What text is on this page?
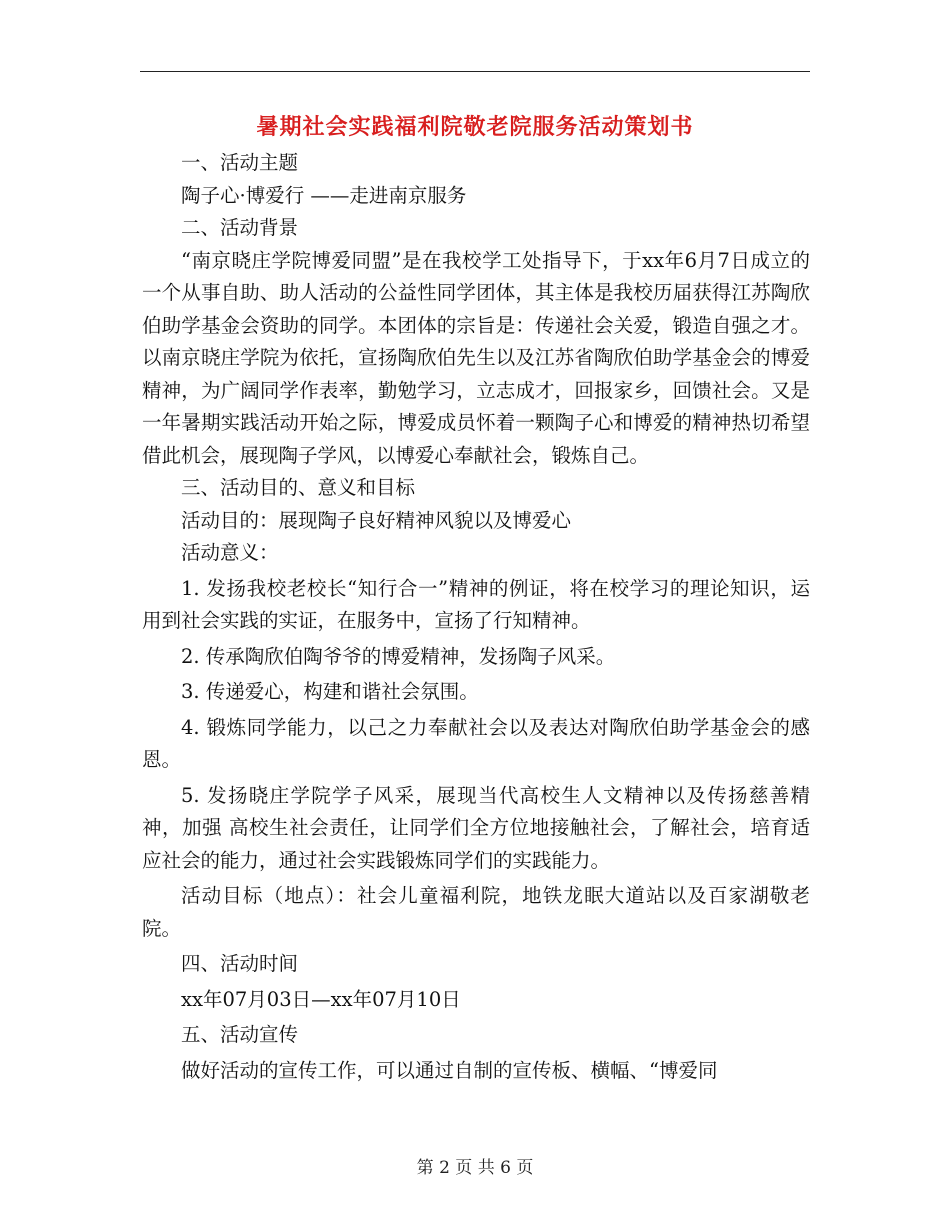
暑期社会实践福利院敬老院服务活动策划书

一、活动主题

陶子心·博爱行 ——走进南京服务

二、活动背景

“南京晓庄学院博爱同盟”是在我校学工处指导下，于xx年6月7日成立的一个从事自助、助人活动的公益性同学团体，其主体是我校历届获得江苏陶欣伯助学基金会资助的同学。本团体的宗旨是：传递社会关爱，锻造自强之才。以南京晓庄学院为依托，宣扬陶欣伯先生以及江苏省陶欣伯助学基金会的博爱精神，为广阔同学作表率，勤勉学习，立志成才，回报家乡，回馈社会。又是一年暑期实践活动开始之际，博爱成员怀着一颗陶子心和博爱的精神热切希望借此机会，展现陶子学风，以博爱心奉献社会，锻炼自己。

三、活动目的、意义和目标

活动目的：展现陶子良好精神风貌以及博爱心

活动意义：

1. 发扬我校老校长“知行合一”精神的例证，将在校学习的理论知识，运用到社会实践的实证，在服务中，宣扬了行知精神。

2. 传承陶欣伯陶爷爷的博爱精神，发扬陶子风采。

3. 传递爱心，构建和谐社会氛围。

4. 锻炼同学能力，以己之力奉献社会以及表达对陶欣伯助学基金会的感恩。

5. 发扬晓庄学院学子风采，展现当代高校生人文精神以及传扬慈善精神，加强 高校生社会责任，让同学们全方位地接触社会，了解社会，培育适应社会的能力，通过社会实践锻炼同学们的实践能力。

活动目标（地点）：社会儿童福利院，地铁龙眠大道站以及百家湖敬老院。

四、活动时间

xx年07月03日—xx年07月10日

五、活动宣传

做好活动的宣传工作，可以通过自制的宣传板、横幅、“博爱同

第 2 页 共 6 页
